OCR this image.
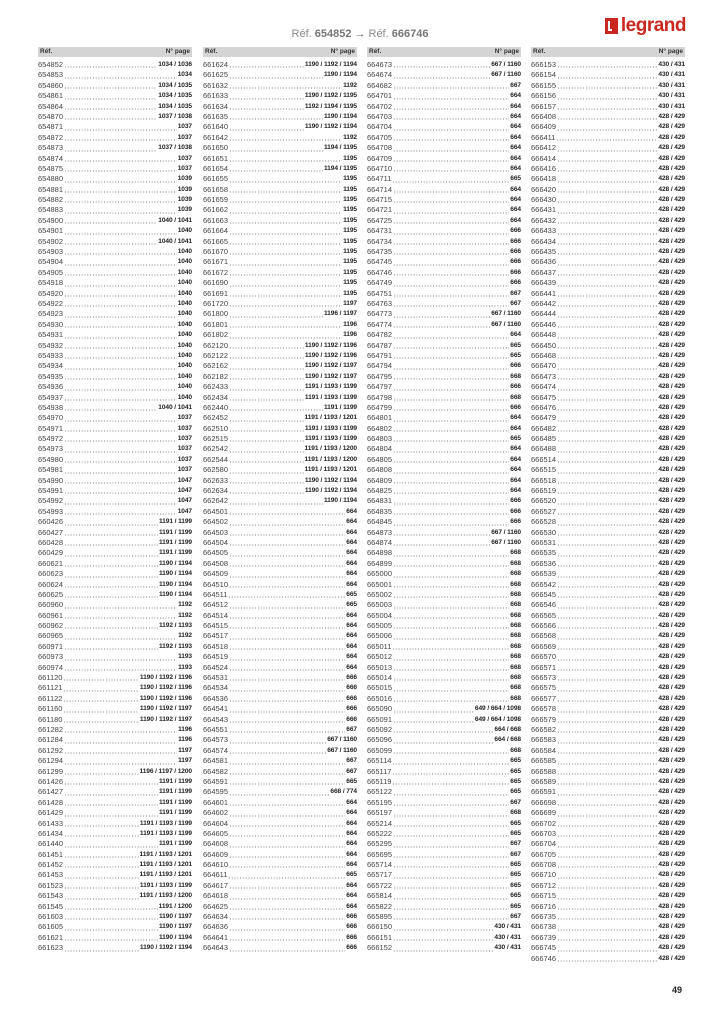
Réf. 654852 → Réf. 666746	legrand
Réf.	N° page
654852	1034 / 1036
654853	1034
654860	1034 / 1035
654861	1034 / 1035
654864	1034 / 1035
654870	1037 / 1038
654871	1037
654872	1037
654873	1037 / 1038
654874	1037
654875	1037
654880	1039
654881	1039
654882	1039
654883	1039
654900	1040 / 1041
654901	1040
654902	1040 / 1041
654903	1040
654904	1040
654905	1040
654918	1040
654920	1040
654922	1040
654923	1040
654930	1040
654931	1040
654932	1040
654933	1040
654934	1040
654935	1040
654936	1040
654937	1040
654938	1040 / 1041
654970	1037
654971	1037
654972	1037
654973	1037
654980	1037
654981	1037
654990	1047
654991	1047
654992	1047
654993	1047
660426	1191 / 1199
660427	1191 / 1199
660428	1191 / 1199
660429	1191 / 1199
660621	1190 / 1194
660623	1190 / 1194
660624	1190 / 1194
660625	1190 / 1194
660960	1192
660961	1192
660962	1192 / 1193
660965	1192
660971	1192 / 1193
660973	1193
660974	1193
661120	1190 / 1192 / 1196
661121	1190 / 1192 / 1196
661122	1190 / 1192 / 1196
661160	1190 / 1192 / 1197
661180	1190 / 1192 / 1197
661282	1196
661284	1196
661292	1197
661294	1197
661299	1196 / 1197 / 1200
661426	1191 / 1199
661427	1191 / 1199
661428	1191 / 1199
661429	1191 / 1199
661433	1191 / 1193 / 1199
661434	1191 / 1193 / 1199
661440	1191 / 1199
661451	1191 / 1193 / 1201
661452	1191 / 1193 / 1201
661453	1191 / 1193 / 1201
661523	1191 / 1193 / 1199
661543	1191 / 1193 / 1200
661545	1191 / 1200
661603	1190 / 1197
661605	1190 / 1197
661621	1190 / 1194
661623	1190 / 1192 / 1194
Réf.	N° page
661624	1190 / 1192 / 1194
661625	1190 / 1194
661632	1192
661633	1190 / 1192 / 1195
661634	1192 / 1194 / 1195
661635	1190 / 1194
661640	1190 / 1192 / 1194
661642	1192
661650	1194 / 1195
661651	1195
661654	1194 / 1195
661655	1195
661658	1195
661659	1195
661662	1195
661663	1195
661664	1195
661665	1195
661670	1195
661671	1195
661672	1195
661690	1195
661691	1195
661720	1197
661800	1196 / 1197
661801	1196
661802	1196
662120	1190 / 1192 / 1196
662122	1190 / 1192 / 1196
662162	1190 / 1192 / 1197
662182	1190 / 1192 / 1197
662433	1191 / 1193 / 1199
662434	1191 / 1193 / 1199
662440	1191 / 1199
662452	1191 / 1193 / 1201
662510	1191 / 1193 / 1199
662515	1191 / 1193 / 1199
662542	1191 / 1193 / 1200
662544	1191 / 1193 / 1200
662580	1191 / 1193 / 1201
662633	1190 / 1192 / 1194
662634	1190 / 1192 / 1194
662642	1190 / 1194
664501	664
664502	664
664503	664
664504	664
664505	664
664508	664
664509	664
664510	664
664511	665
664512	665
664514	664
664515	664
664517	664
664518	664
664519	664
664524	664
664531	666
664534	666
664536	666
664541	666
664543	666
664551	667
664573	667 / 1160
664574	667 / 1160
664581	667
664582	667
664591	665
664595	668 / 774
664601	664
664602	664
664604	664
664605	664
664608	664
664609	664
664610	664
664611	665
664617	664
664618	664
664625	664
664634	666
664636	666
664641	666
664643	666
Réf.	N° page
664673	667 / 1160
664674	667 / 1160
664682	667
664701	664
664702	664
664703	664
664704	664
664705	664
664708	664
664709	664
664710	664
664711	665
664714	664
664715	664
664721	664
664725	664
664731	666
664734	666
664735	666
664745	666
664746	666
664749	666
664751	667
664763	667
664773	667 / 1160
664774	667 / 1160
664782	664
664787	665
664791	665
664794	666
664795	668
664797	666
664798	668
664799	666
664801	664
664802	664
664803	665
664804	664
664805	664
664808	664
664809	664
664825	664
664831	666
664835	666
664845	666
664873	667 / 1160
664874	667 / 1160
664898	668
664899	668
665000	668
665001	668
665002	668
665003	668
665004	668
665005	668
665006	668
665011	668
665012	668
665013	668
665014	668
665015	668
665016	668
665090	649 / 664 / 1098
665091	649 / 664 / 1098
665092	664 / 668
665096	664 / 668
665099	668
665114	665
665117	665
665119	665
665122	665
665195	667
665197	668
665214	665
665222	665
665295	667
665695	667
665714	665
665717	665
665722	665
665814	665
665822	665
665895	667
666150	430 / 431
666151	430 / 431
666152	430 / 431
Réf.	N° page
666153	430 / 431
666154	430 / 431
666155	430 / 431
666156	430 / 431
666157	430 / 431
666408	428 / 429
666409	428 / 429
666411	428 / 429
666412	428 / 429
666414	428 / 429
666416	428 / 429
666418	428 / 429
666420	428 / 429
666430	428 / 429
666431	428 / 429
666432	428 / 429
666433	428 / 429
666434	428 / 429
666435	428 / 429
666436	428 / 429
666437	428 / 429
666439	428 / 429
666441	428 / 429
666442	428 / 429
666444	428 / 429
666446	428 / 429
666448	428 / 429
666450	428 / 429
666468	428 / 429
666470	428 / 429
666473	428 / 429
666474	428 / 429
666475	428 / 429
666476	428 / 429
666479	428 / 429
666482	428 / 429
666485	428 / 429
666488	428 / 429
666514	428 / 429
666515	428 / 429
666518	428 / 429
666519	428 / 429
666520	428 / 429
666527	428 / 429
666528	428 / 429
666530	428 / 429
666531	428 / 429
666535	428 / 429
666536	428 / 429
666539	428 / 429
666542	428 / 429
666545	428 / 429
666546	428 / 429
666565	428 / 429
666566	428 / 429
666568	428 / 429
666569	428 / 429
666570	428 / 429
666571	428 / 429
666573	428 / 429
666575	428 / 429
666577	428 / 429
666578	428 / 429
666579	428 / 429
666582	428 / 429
666583	428 / 429
666584	428 / 429
666585	428 / 429
666588	428 / 429
666589	428 / 429
666591	428 / 429
666698	428 / 429
666699	428 / 429
666702	428 / 429
666703	428 / 429
666704	428 / 429
666705	428 / 429
666708	428 / 429
666710	428 / 429
666712	428 / 429
666715	428 / 429
666716	428 / 429
666735	428 / 429
666738	428 / 429
666739	428 / 429
666745	428 / 429
666746	428 / 429
49
